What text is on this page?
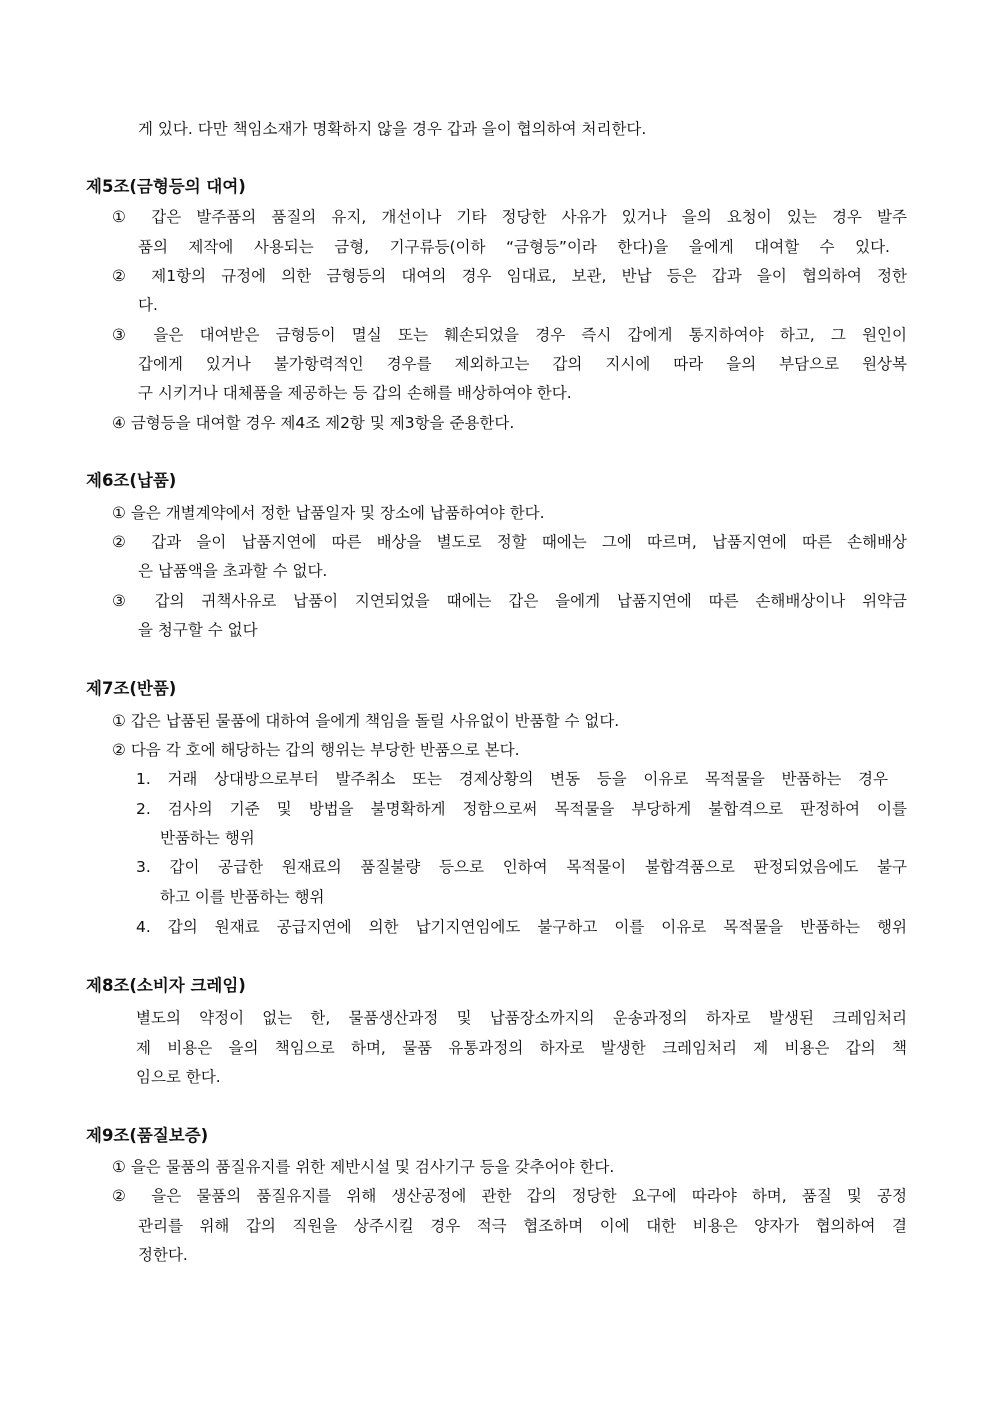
게 있다. 다만 책임소재가 명확하지 않을 경우 갑과 을이 협의하여 처리한다.
제5조(금형등의 대여)
① 갑은 발주품의 품질의 유지, 개선이나 기타 정당한 사유가 있거나 을의 요청이 있는 경우 발주
품의 제작에 사용되는 금형, 기구류등(이하 “금형등”이라 한다)을 을에게 대여할 수 있다.
② 제1항의 규정에 의한 금형등의 대여의 경우 임대료, 보관, 반납 등은 갑과 을이 협의하여 정한
다.
③ 을은 대여받은 금형등이 멸실 또는 훼손되었을 경우 즉시 갑에게 통지하여야 하고, 그 원인이
갑에게 있거나 불가항력적인 경우를 제외하고는 갑의 지시에 따라 을의 부담으로 원상복
구 시키거나 대체품을 제공하는 등 갑의 손해를 배상하여야 한다.
④ 금형등을 대여할 경우 제4조 제2항 및 제3항을 준용한다.
제6조(납품)
① 을은 개별계약에서 정한 납품일자 및 장소에 납품하여야 한다.
② 갑과 을이 납품지연에 따른 배상을 별도로 정할 때에는 그에 따르며, 납품지연에 따른 손해배상
은 납품액을 초과할 수 없다.
③ 갑의 귀책사유로 납품이 지연되었을 때에는 갑은 을에게 납품지연에 따른 손해배상이나 위약금
을 청구할 수 없다
제7조(반품)
① 갑은 납품된 물품에 대하여 을에게 책임을 돌릴 사유없이 반품할 수 없다.
② 다음 각 호에 해당하는 갑의 행위는 부당한 반품으로 본다.
1. 거래 상대방으로부터 발주취소 또는 경제상황의 변동 등을 이유로 목적물을 반품하는 경우
2. 검사의 기준 및 방법을 불명확하게 정함으로써 목적물을 부당하게 불합격으로 판정하여 이를
반품하는 행위
3. 갑이 공급한 원재료의 품질불량 등으로 인하여 목적물이 불합격품으로 판정되었음에도 불구
하고 이를 반품하는 행위
4. 갑의 원재료 공급지연에 의한 납기지연임에도 불구하고 이를 이유로 목적물을 반품하는 행위
제8조(소비자 크레임)
별도의 약정이 없는 한, 물품생산과정 및 납품장소까지의 운송과정의 하자로 발생된 크레임처리
제 비용은 을의 책임으로 하며, 물품 유통과정의 하자로 발생한 크레임처리 제 비용은 갑의 책
임으로 한다.
제9조(품질보증)
① 을은 물품의 품질유지를 위한 제반시설 및 검사기구 등을 갖추어야 한다.
② 을은 물품의 품질유지를 위해 생산공정에 관한 갑의 정당한 요구에 따라야 하며, 품질 및 공정
관리를 위해 갑의 직원을 상주시킬 경우 적극 협조하며 이에 대한 비용은 양자가 협의하여 결
정한다.
